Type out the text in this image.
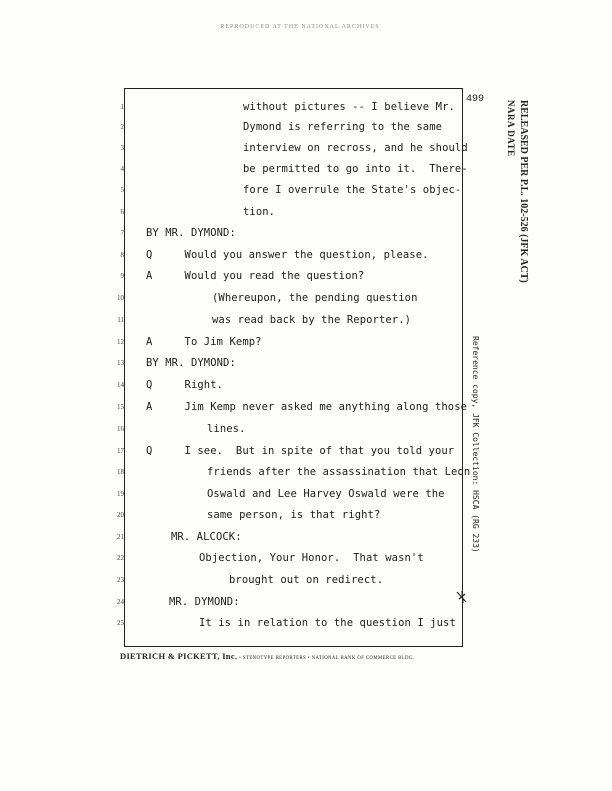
REPRODUCED AT THE NATIONAL ARCHIVES
1
2
3
4
5
6
7
8
9
10
11
12
13
14
15
16
17
18
19
20
21
22
23
24
25
without pictures -- I believe Mr.
Dymond is referring to the same
interview on recross, and he should
be permitted to go into it.  There-
fore I overrule the State's objec-
tion.
BY MR. DYMOND:
Q     Would you answer the question, please.
A     Would you read the question?
(Whereupon, the pending question
was read back by the Reporter.)
A     To Jim Kemp?
BY MR. DYMOND:
Q     Right.
A     Jim Kemp never asked me anything along those
lines.
Q     I see.  But in spite of that you told your
friends after the assassination that Leon
Oswald and Lee Harvey Oswald were the
same person, is that right?
MR. ALCOCK:
Objection, Your Honor.  That wasn't
brought out on redirect.
MR. DYMOND:
It is in relation to the question I just
499
RELEASED PER P.L. 102-526 (JFK ACT)
NARA DATE
Reference copy, JFK Collection: HSCA (RG 233)
DIETRICH & PICKETT, Inc. • STENOTYPE REPORTERS • NATIONAL BANK OF COMMERCE BLDG.
